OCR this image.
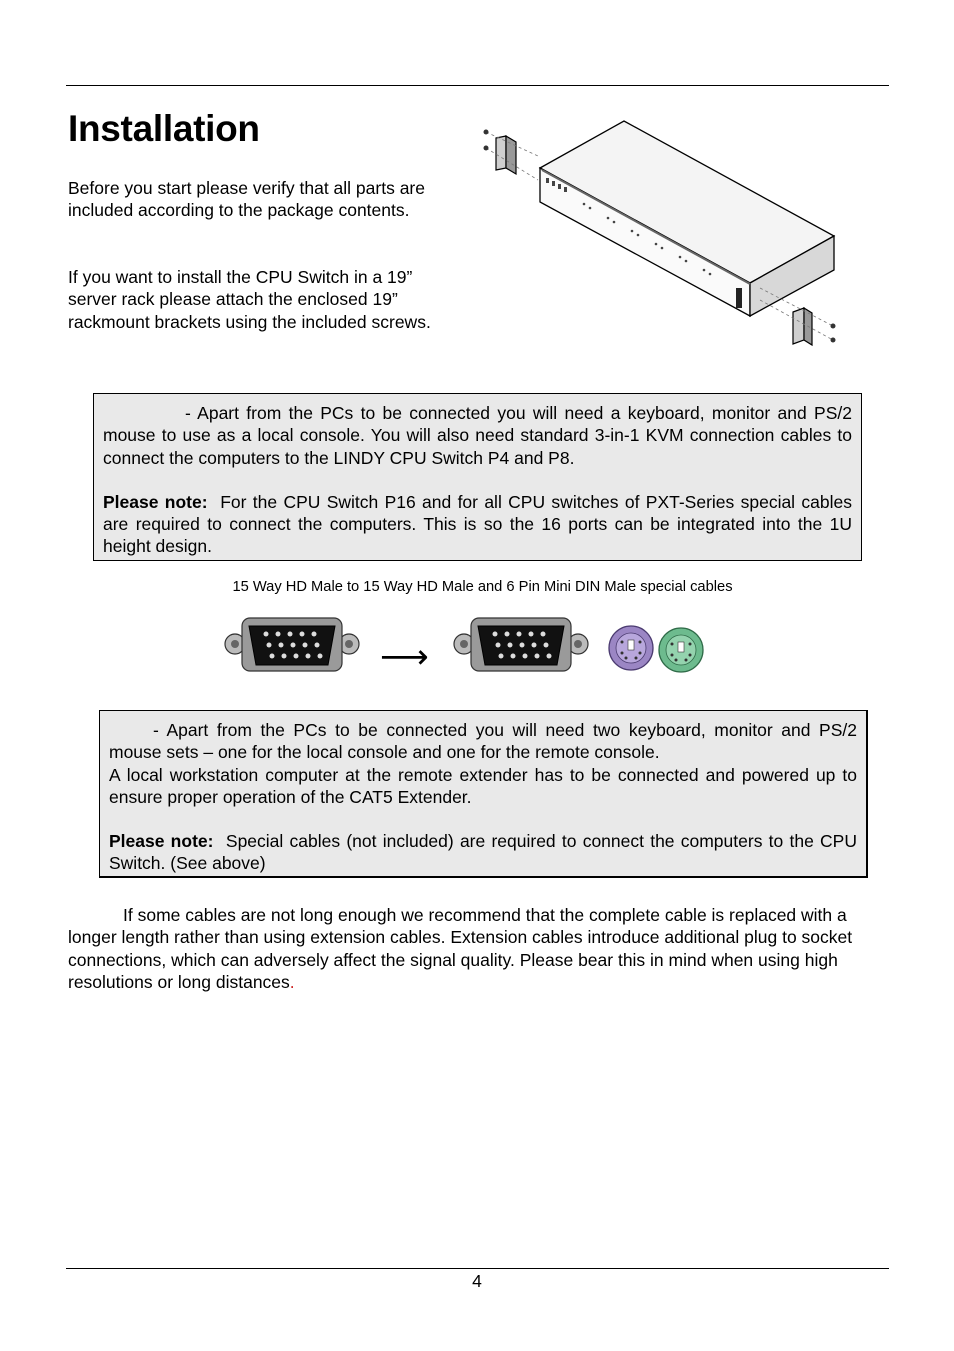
Installation

Before you start please verify that all parts are included according to the package contents.

If you want to install the CPU Switch in a 19” server rack please attach the enclosed 19” rackmount brackets using the included screws.

- Apart from the PCs to be connected you will need a keyboard, monitor and PS/2 mouse to use as a local console. You will also need standard 3-in-1 KVM connection cables to connect the computers to the LINDY CPU Switch P4 and P8.

Please note: For the CPU Switch P16 and for all CPU switches of PXT-Series special cables are required to connect the computers. This is so the 16 ports can be integrated into the 1U height design.

15 Way HD Male to 15 Way HD Male and 6 Pin Mini DIN Male special cables
⟶

- Apart from the PCs to be connected you will need two keyboard, monitor and PS/2 mouse sets – one for the local console and one for the remote console.

A local workstation computer at the remote extender has to be connected and powered up to ensure proper operation of the CAT5 Extender.

Please note: Special cables (not included) are required to connect the computers to the CPU Switch. (See above)

If some cables are not long enough we recommend that the complete cable is replaced with a longer length rather than using extension cables. Extension cables introduce additional plug to socket connections, which can adversely affect the signal quality. Please bear this in mind when using high resolutions or long distances.

4
